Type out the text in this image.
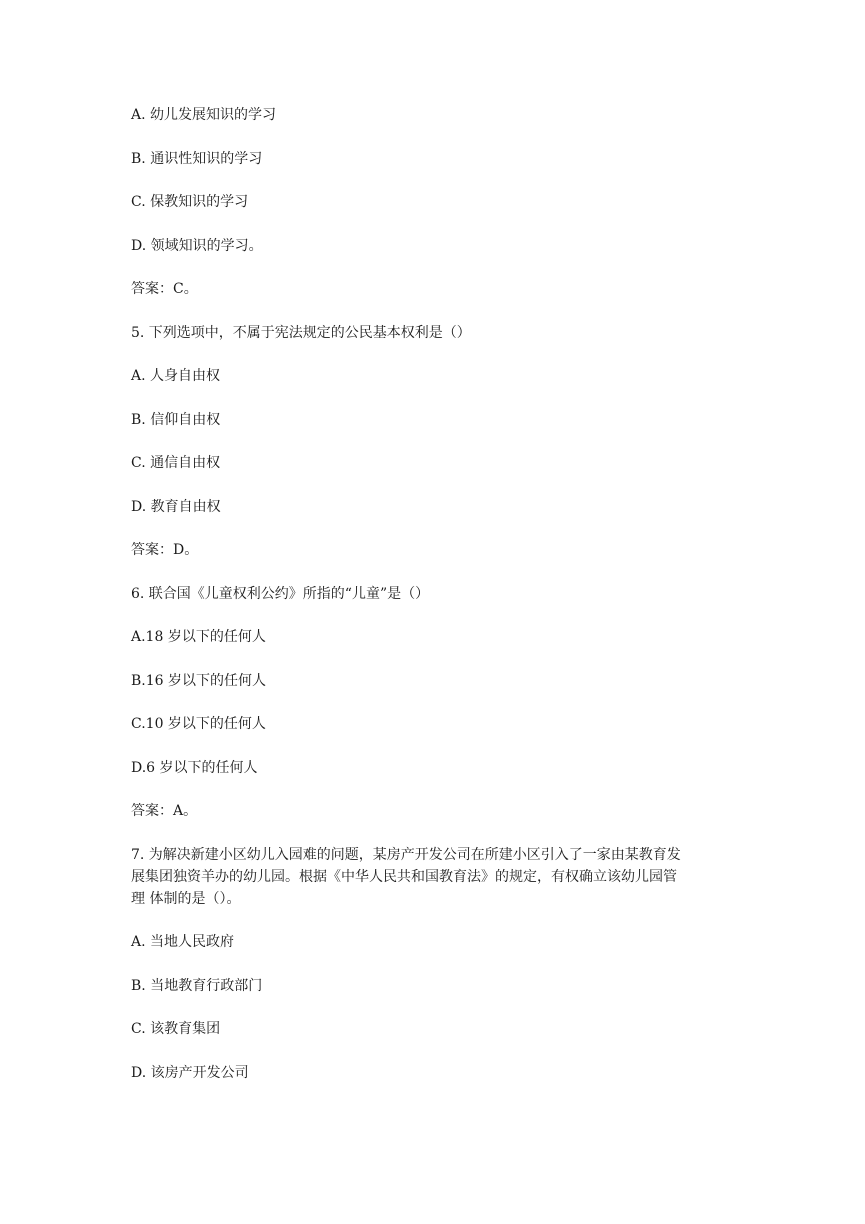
A. 幼儿发展知识的学习
B. 通识性知识的学习
C. 保教知识的学习
D. 领域知识的学习。
答案：C。
5. 下列选项中，不属于宪法规定的公民基本权利是（）
A. 人身自由权
B. 信仰自由权
C. 通信自由权
D. 教育自由权
答案：D。
6. 联合国《儿童权利公约》所指的“儿童”是（）
A.18 岁以下的任何人
B.16 岁以下的任何人
C.10 岁以下的任何人
D.6 岁以下的任何人
答案：A。
7. 为解决新建小区幼儿入园难的问题，某房产开发公司在所建小区引入了一家由某教育发
展集团独资羊办的幼儿园。根据《中华人民共和国教育法》的规定，有权确立该幼儿园管
理 体制的是（）。
A. 当地人民政府
B. 当地教育行政部门
C. 该教育集团
D. 该房产开发公司
